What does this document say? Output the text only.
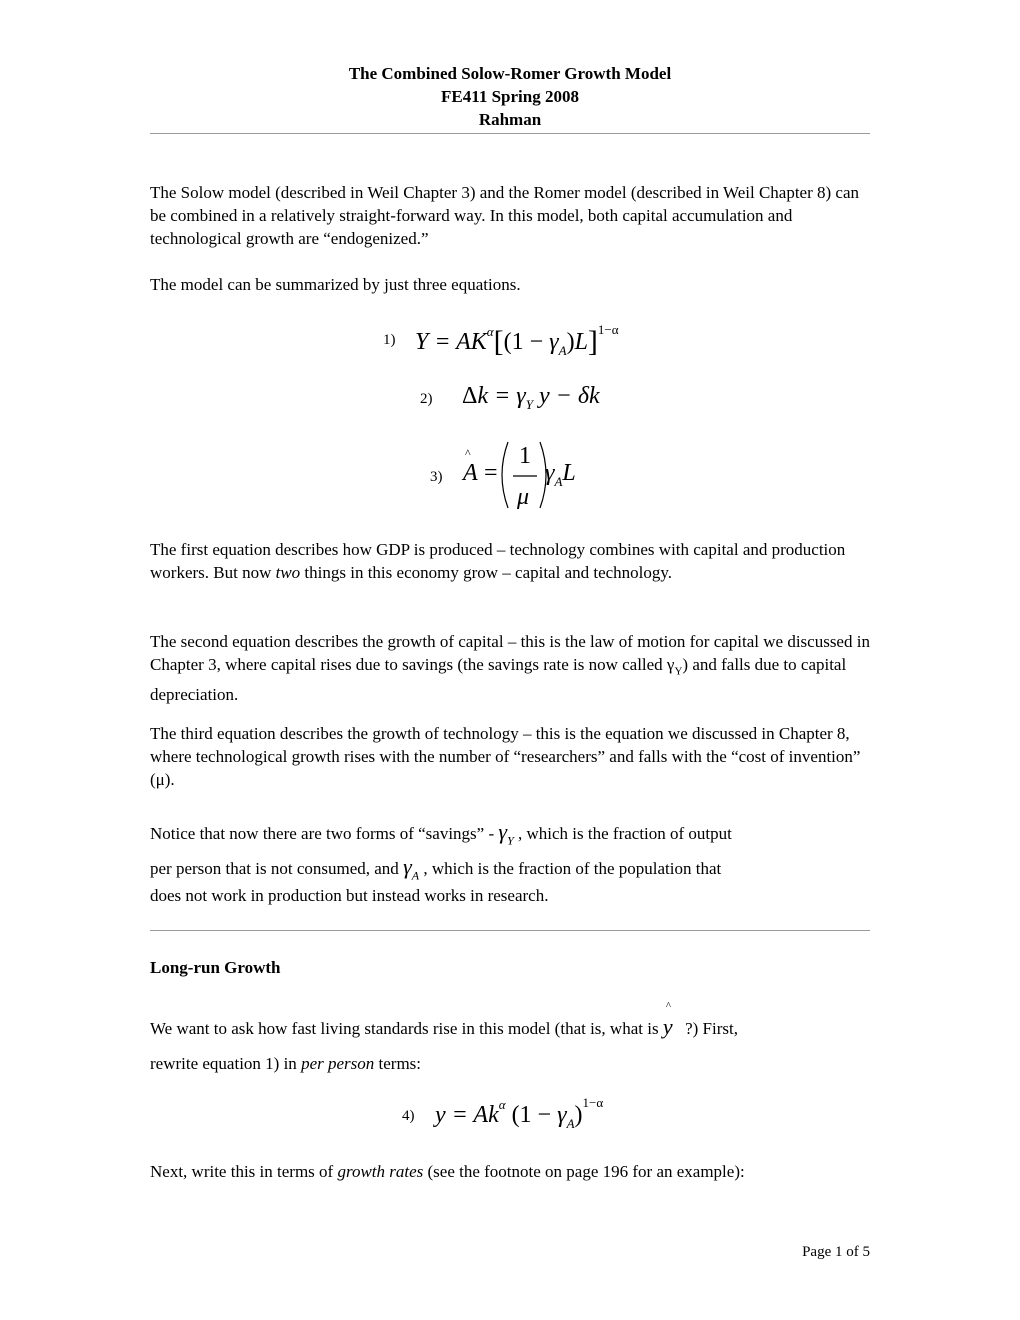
The Combined Solow-Romer Growth Model
FE411 Spring 2008
Rahman
The Solow model (described in Weil Chapter 3) and the Romer model (described in Weil Chapter 8) can be combined in a relatively straight-forward way. In this model, both capital accumulation and technological growth are “endogenized.”
The model can be summarized by just three equations.
1) $Y = AK^\alpha[(1 - \gamma_A)L]^{1-\alpha}$
2) $\Delta k = \gamma_Y$ y − δk
3)
^
A =
1
μ
$\gamma_AL$
The first equation describes how GDP is produced – technology combines with capital and production workers. But now two things in this economy grow – capital and technology.
The second equation describes the growth of capital – this is the law of motion for capital we discussed in Chapter 3, where capital rises due to savings (the savings rate is now called $\gamma_Y$) and falls due to capital depreciation.
The third equation describes the growth of technology – this is the equation we discussed in Chapter 8, where technological growth rises with the number of “researchers” and falls with the “cost of invention” (μ).
Notice that now there are two forms of “savings” - $\gamma_Y$ , which is the fraction of output
per person that is not consumed, and $\gamma_A$ , which is the fraction of the population that
does not work in production but instead works in research.
Long-run Growth
We want to ask how fast living standards rise in this model (that is, what is
^
y ?) First,
rewrite equation 1) in per person terms:
4) $y = Ak^\alpha$ $(1 - \gamma_A)^{1-\alpha}$
Next, write this in terms of growth rates (see the footnote on page 196 for an example):
Page 1 of 5
